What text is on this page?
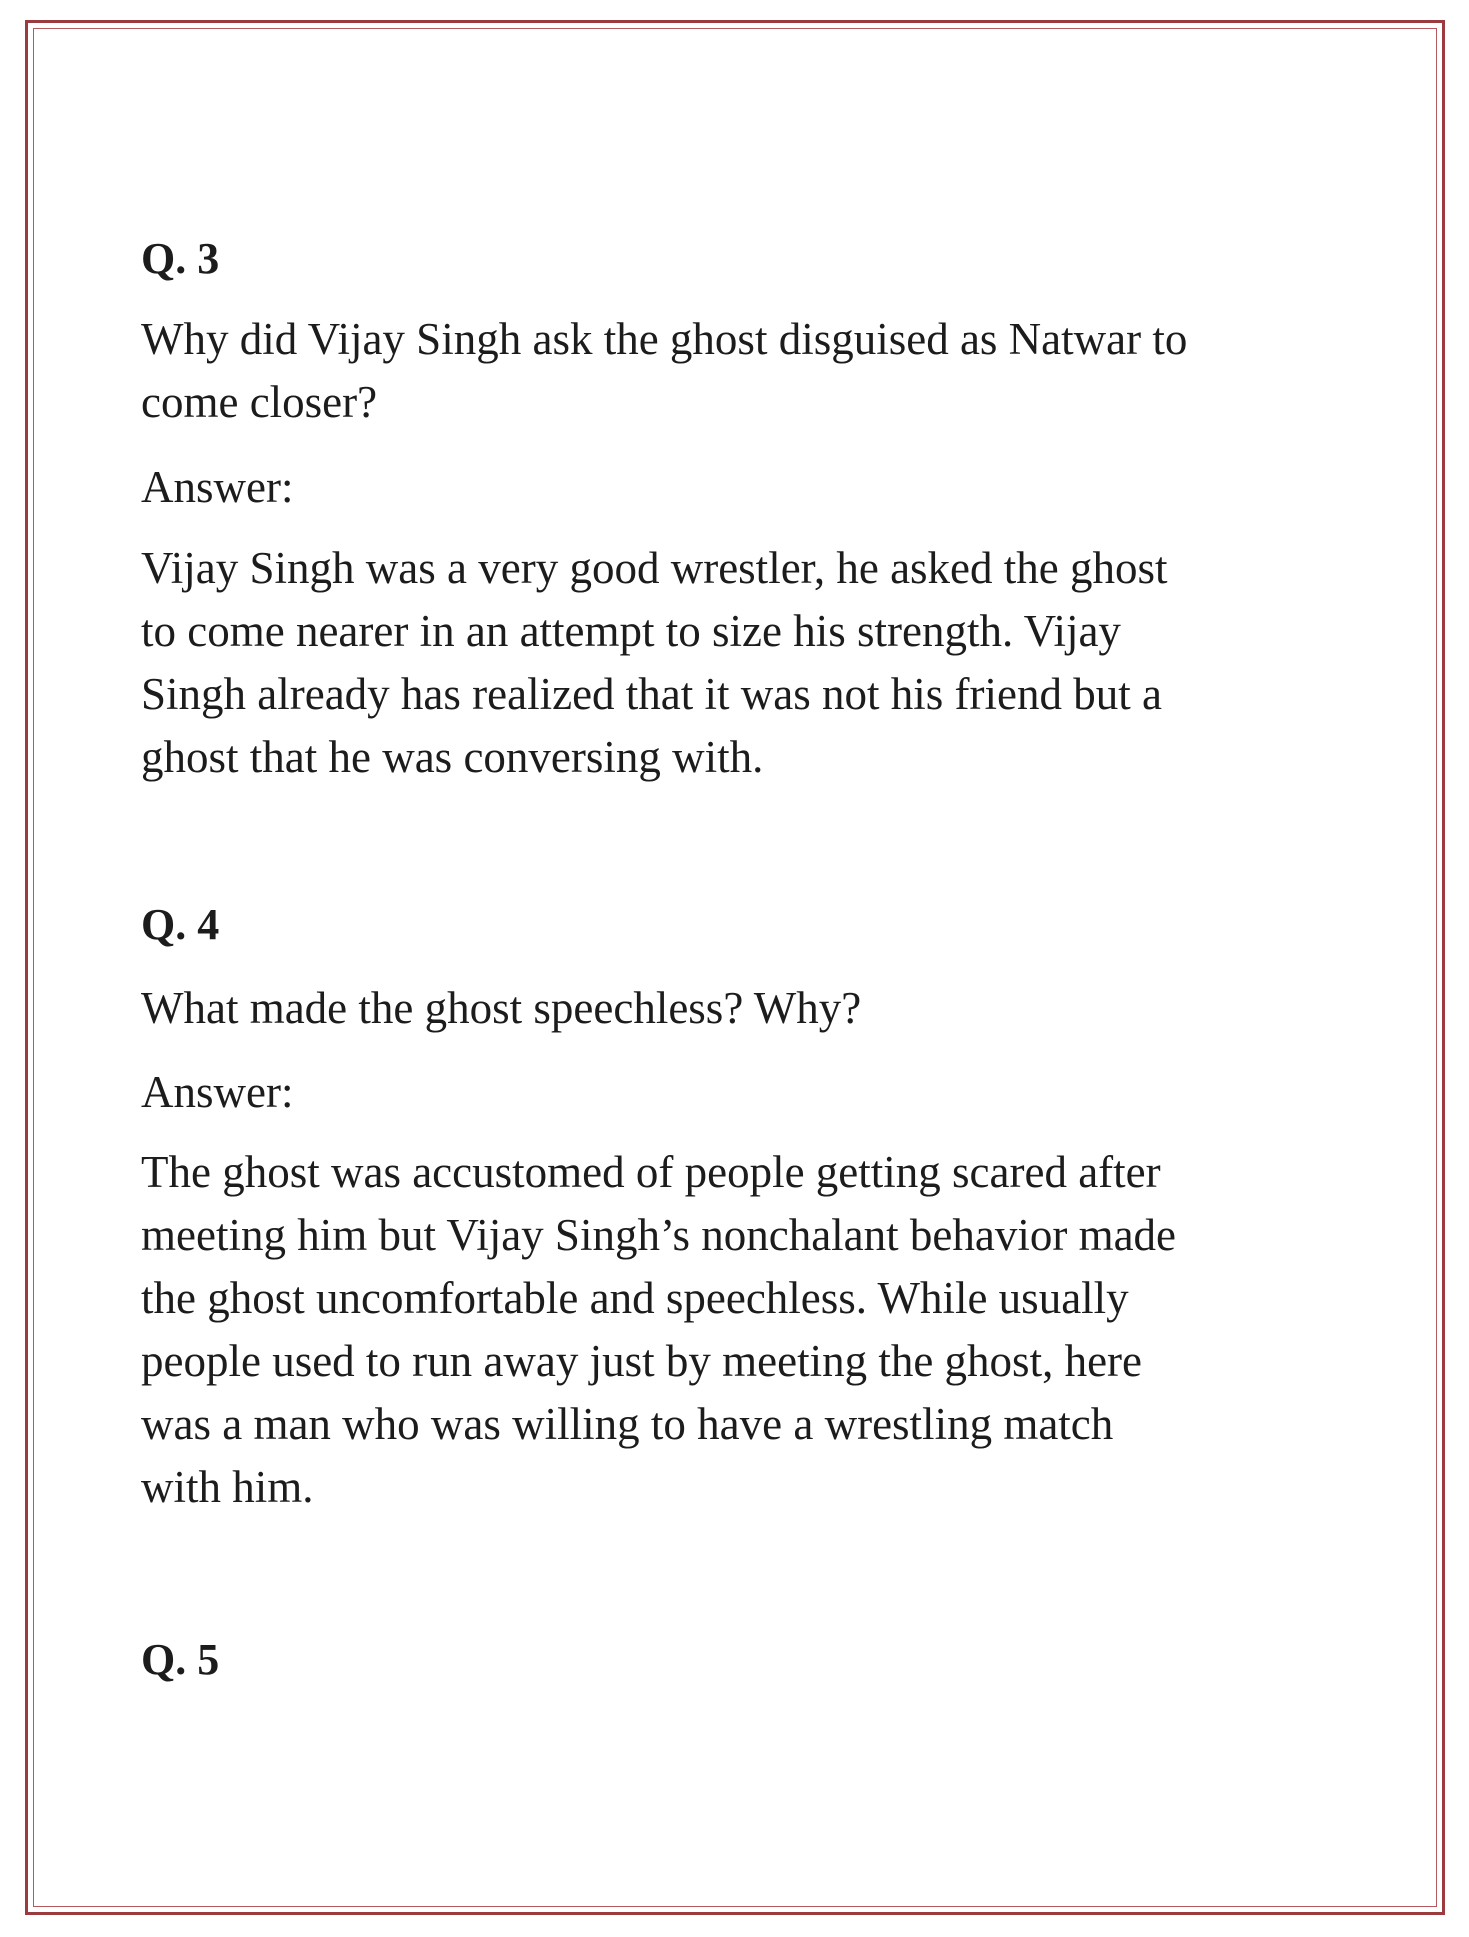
Q. 3

Why did Vijay Singh ask the ghost disguised as Natwar to
come closer?

Answer:

Vijay Singh was a very good wrestler, he asked the ghost
to come nearer in an attempt to size his strength. Vijay
Singh already has realized that it was not his friend but a
ghost that he was conversing with.

Q. 4

What made the ghost speechless? Why?

Answer:

The ghost was accustomed of people getting scared after
meeting him but Vijay Singh’s nonchalant behavior made
the ghost uncomfortable and speechless. While usually
people used to run away just by meeting the ghost, here
was a man who was willing to have a wrestling match
with him.

Q. 5
